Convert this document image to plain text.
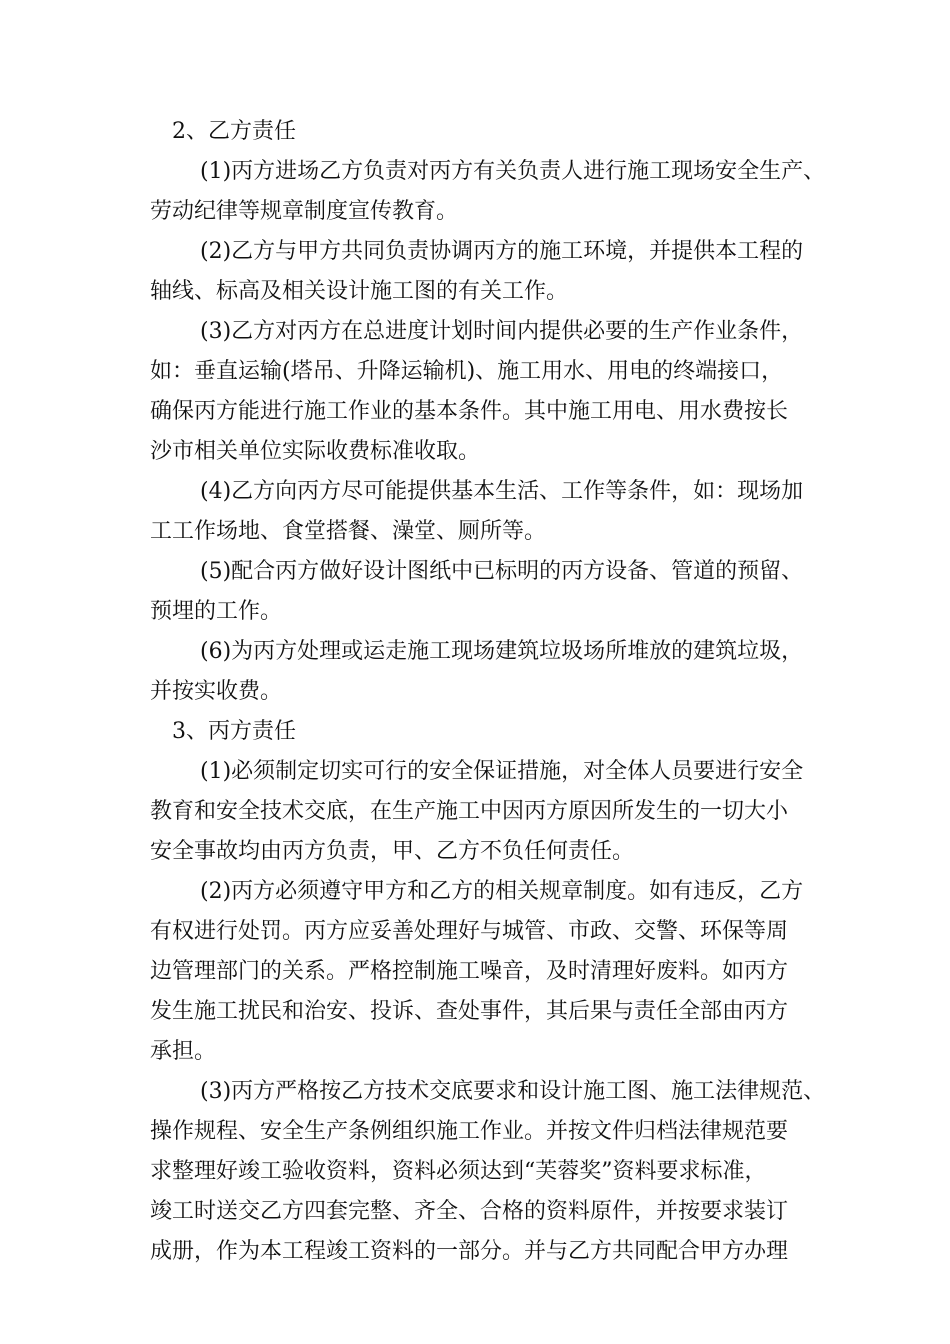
2、乙方责任
(1)丙方进场乙方负责对丙方有关负责人进行施工现场安全生产、
劳动纪律等规章制度宣传教育。
(2)乙方与甲方共同负责协调丙方的施工环境，并提供本工程的
轴线、标高及相关设计施工图的有关工作。
(3)乙方对丙方在总进度计划时间内提供必要的生产作业条件，
如：垂直运输(塔吊、升降运输机)、施工用水、用电的终端接口，
确保丙方能进行施工作业的基本条件。其中施工用电、用水费按长
沙市相关单位实际收费标准收取。
(4)乙方向丙方尽可能提供基本生活、工作等条件，如：现场加
工工作场地、食堂搭餐、澡堂、厕所等。
(5)配合丙方做好设计图纸中已标明的丙方设备、管道的预留、
预埋的工作。
(6)为丙方处理或运走施工现场建筑垃圾场所堆放的建筑垃圾，
并按实收费。
3、丙方责任
(1)必须制定切实可行的安全保证措施，对全体人员要进行安全
教育和安全技术交底，在生产施工中因丙方原因所发生的一切大小
安全事故均由丙方负责，甲、乙方不负任何责任。
(2)丙方必须遵守甲方和乙方的相关规章制度。如有违反，乙方
有权进行处罚。丙方应妥善处理好与城管、市政、交警、环保等周
边管理部门的关系。严格控制施工噪音，及时清理好废料。如丙方
发生施工扰民和治安、投诉、查处事件，其后果与责任全部由丙方
承担。
(3)丙方严格按乙方技术交底要求和设计施工图、施工法律规范、
操作规程、安全生产条例组织施工作业。并按文件归档法律规范要
求整理好竣工验收资料，资料必须达到“芙蓉奖”资料要求标准，
竣工时送交乙方四套完整、齐全、合格的资料原件，并按要求装订
成册，作为本工程竣工资料的一部分。并与乙方共同配合甲方办理
